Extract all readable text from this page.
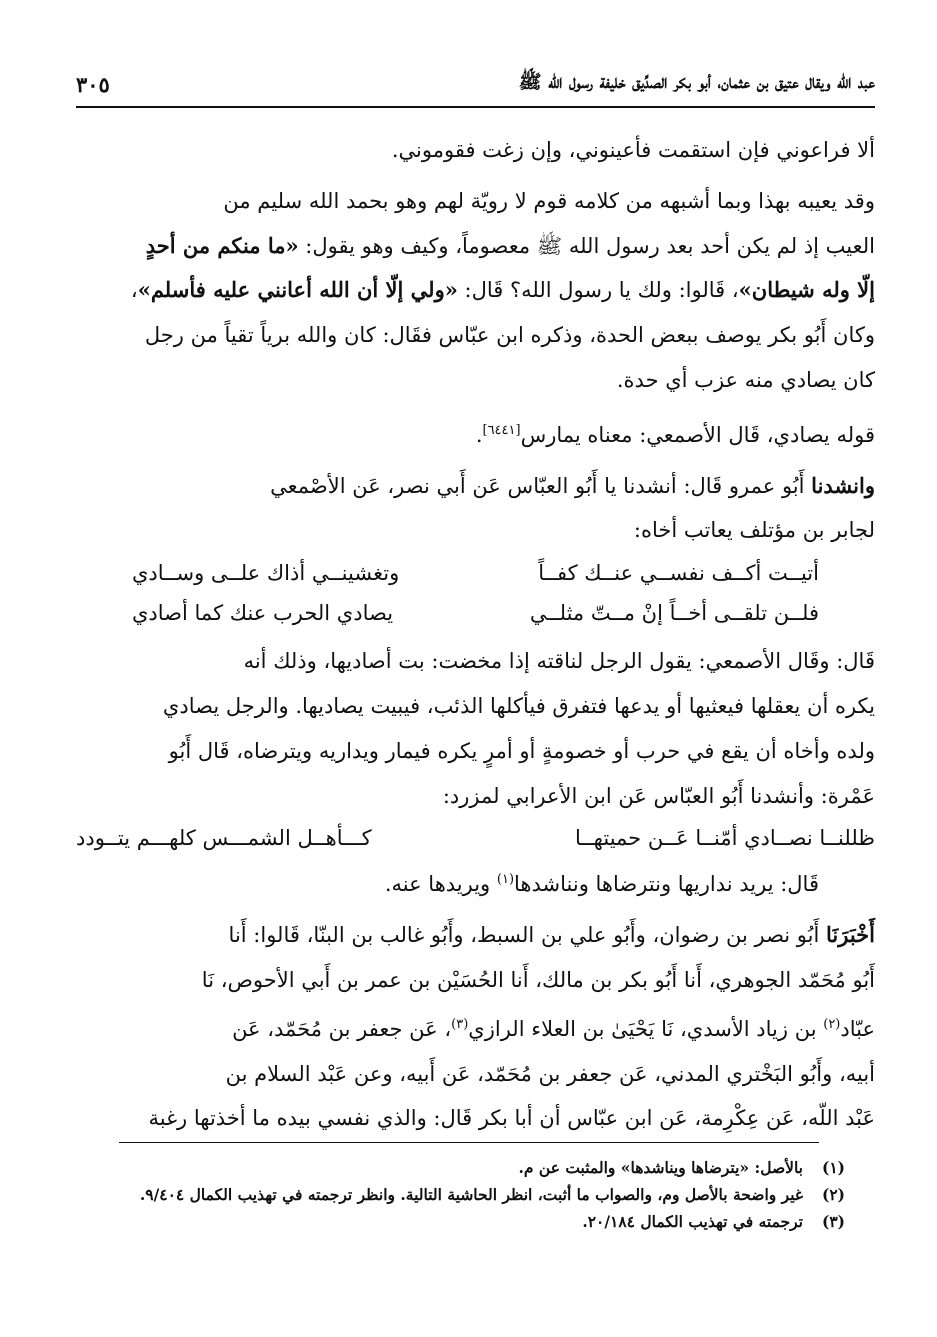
عبد الله ويقال عتيق بن عثمان، أبو بكر الصدِّيق خليفة رسول الله ﷺ
٣٠٥

ألا فراعوني فإن استقمت فأعينوني، وإن زغت فقوموني.

وقد يعيبه بهذا وبما أشبهه من كلامه قوم لا رويّة لهم وهو بحمد الله سليم من

العيب إذ لم يكن أحد بعد رسول الله ﷺ معصوماً، وكيف وهو يقول: «ما منكم من أحدٍ

إلّا وله شيطان»، قَالوا: ولك يا رسول الله؟ قَال: «ولي إلّا أن الله أعانني عليه فأسلم»،

وكان أَبُو بكر يوصف ببعض الحدة، وذكره ابن عبّاس فقَال: كان والله برياً تقياً من رجل

كان يصادي منه عزب أي حدة.

قوله يصادي، قَال الأصمعي: معناه يمارس[٦٤٤١].

وانشدنا أَبُو عمرو قَال: أنشدنا يا أَبُو العبّاس عَن أَبي نصر، عَن الأصْمعي

لجابر بن مؤتلف يعاتب أخاه:

أتيــت أكــف نفســي عنــك كفــاً
وتغشينــي أذاك علــى وســادي
فلــن تلقــى أخــاً إنْ مــتّ مثلــي
يصادي الحرب عنك كما أصادي

قَال: وقَال الأصمعي: يقول الرجل لناقته إذا مخضت: بت أصاديها، وذلك أنه

يكره أن يعقلها فيعثيها أو يدعها فتفرق فيأكلها الذئب، فيبيت يصاديها. والرجل يصادي

ولده وأخاه أن يقع في حرب أو خصومةٍ أو أمرٍ يكره فيمار ويداريه ويترضاه، قَال أَبُو

عَمْرة: وأنشدنا أَبُو العبّاس عَن ابن الأعرابي لمزرد:

ظللنــا نصــادي أمّنــا عَــن حميتهــا
كـــأهــل الشمـــس كلهـــم يتــودد

قَال: يريد نداريها ونترضاها ونناشدها$^{(١)}$ ويريدها عنه.

أَخْبَرَنَا أَبُو نصر بن رضوان، وأَبُو علي بن السبط، وأَبُو غالب بن البنّا، قَالوا: أَنا

أَبُو مُحَمّد الجوهري، أَنا أَبُو بكر بن مالك، أَنا الحُسَيْن بن عمر بن أَبي الأحوص، نَا

عبّاد$^{(٢)}$ بن زياد الأسدي، نَا يَحْيَىٰ بن العلاء الرازي$^{(٣)}$، عَن جعفر بن مُحَمّد، عَن

أبيه، وأَبُو البَخْتري المدني، عَن جعفر بن مُحَمّد، عَن أَبيه، وعن عَبْد السلام بن

عَبْد اللّه، عَن عِكْرِمة، عَن ابن عبّاس أن أبا بكر قَال: والذي نفسي بيده ما أخذتها رغبة

(١)
بالأصل: «يترضاها ويناشدها» والمثبت عن م.
(٢)
غير واضحة بالأصل وم، والصواب ما أثبت، انظر الحاشية التالية. وانظر ترجمته في تهذيب الكمال ٩/٤٠٤.
(٣)
ترجمته في تهذيب الكمال ٢٠/١٨٤.
